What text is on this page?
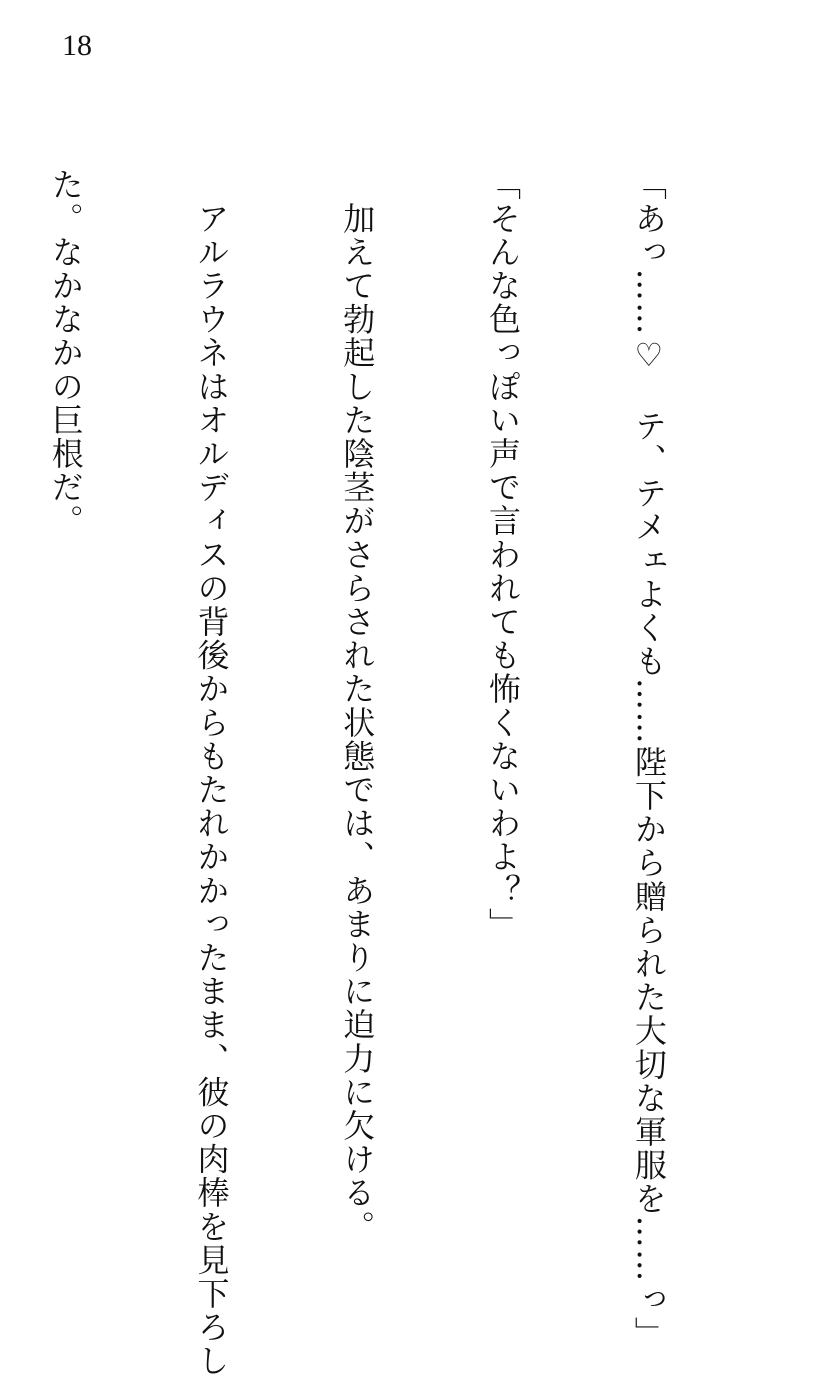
18

「あっ……♡　テ、テメェよくも……陛下から贈られた大切な軍服を……っ」

「そんな色っぽい声で言われても怖くないわよ？」

　加えて勃起した陰茎がさらされた状態では、あまりに迫力に欠ける。

　アルラウネはオルディスの背後からもたれかかったまま、彼の肉棒を見下ろし

た。なかなかの巨根だ。
